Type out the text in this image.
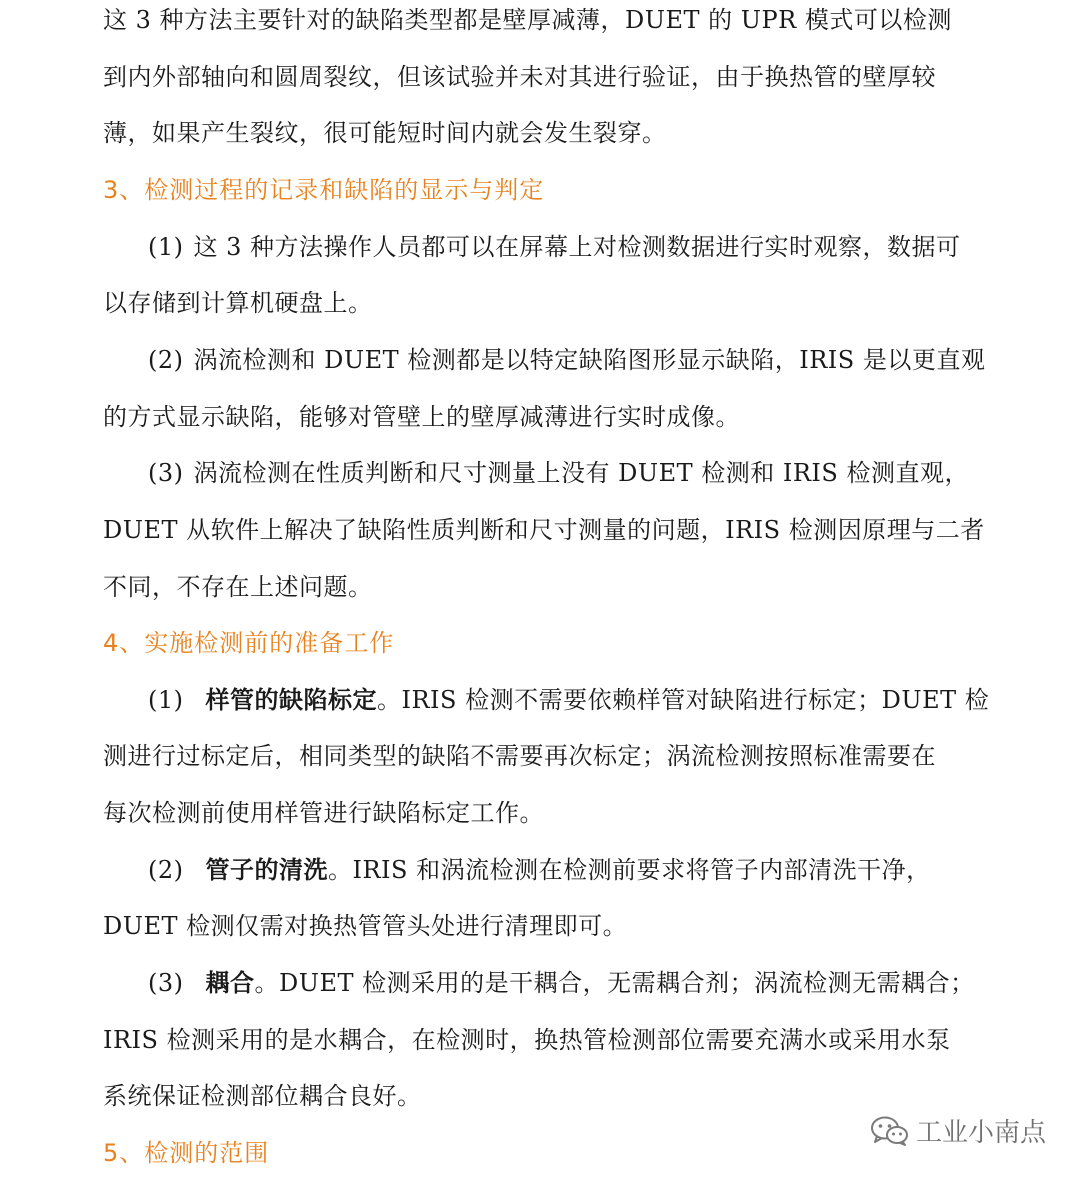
这 3 种方法主要针对的缺陷类型都是壁厚减薄，DUET 的 UPR 模式可以检测
到内外部轴向和圆周裂纹，但该试验并未对其进行验证，由于换热管的壁厚较
薄，如果产生裂纹，很可能短时间内就会发生裂穿。
3、检测过程的记录和缺陷的显示与判定
(1) 这 3 种方法操作人员都可以在屏幕上对检测数据进行实时观察，数据可
以存储到计算机硬盘上。
(2) 涡流检测和 DUET 检测都是以特定缺陷图形显示缺陷，IRIS 是以更直观
的方式显示缺陷，能够对管壁上的壁厚减薄进行实时成像。
(3) 涡流检测在性质判断和尺寸测量上没有 DUET 检测和 IRIS 检测直观，
DUET 从软件上解决了缺陷性质判断和尺寸测量的问题，IRIS 检测因原理与二者
不同，不存在上述问题。
4、实施检测前的准备工作
(1) 样管的缺陷标定。IRIS 检测不需要依赖样管对缺陷进行标定；DUET 检
测进行过标定后，相同类型的缺陷不需要再次标定；涡流检测按照标准需要在
每次检测前使用样管进行缺陷标定工作。
(2) 管子的清洗。IRIS 和涡流检测在检测前要求将管子内部清洗干净，
DUET 检测仅需对换热管管头处进行清理即可。
(3) 耦合。DUET 检测采用的是干耦合，无需耦合剂；涡流检测无需耦合；
IRIS 检测采用的是水耦合，在检测时，换热管检测部位需要充满水或采用水泵
系统保证检测部位耦合良好。
5、检测的范围
工业小南点
